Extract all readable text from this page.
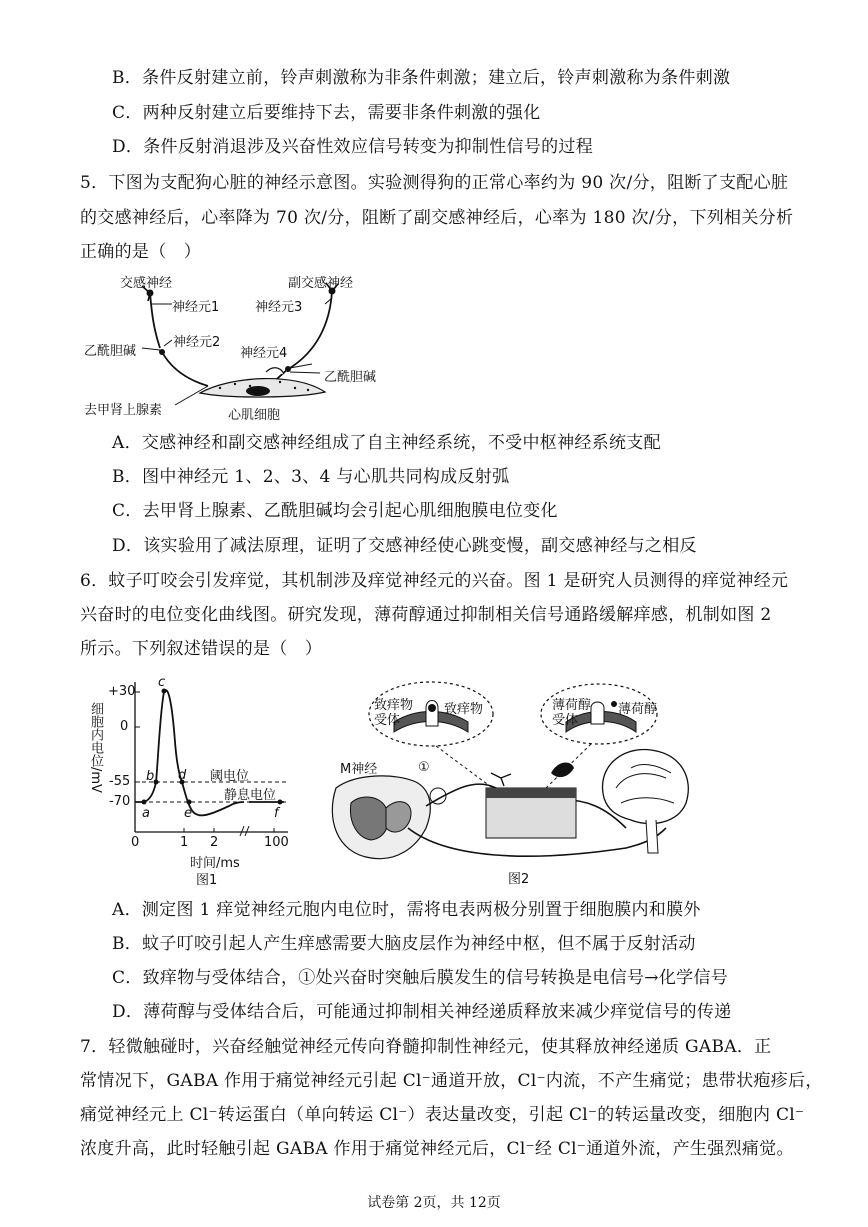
B．条件反射建立前，铃声刺激称为非条件刺激；建立后，铃声刺激称为条件刺激
C．两种反射建立后要维持下去，需要非条件刺激的强化
D．条件反射消退涉及兴奋性效应信号转变为抑制性信号的过程
5．下图为支配狗心脏的神经示意图。实验测得狗的正常心率约为 90 次/分，阻断了支配心脏
的交感神经后，心率降为 70 次/分，阻断了副交感神经后，心率为 180 次/分，下列相关分析
正确的是（　）
交感神经
神经元1
神经元2
乙酰胆碱
副交感神经
神经元3
神经元4
乙酰胆碱
去甲肾上腺素	心肌细胞
A．交感神经和副交感神经组成了自主神经系统，不受中枢神经系统支配
B．图中神经元 1、2、3、4 与心肌共同构成反射弧
C．去甲肾上腺素、乙酰胆碱均会引起心肌细胞膜电位变化
D．该实验用了减法原理，证明了交感神经使心跳变慢，副交感神经与之相反
6．蚊子叮咬会引发痒觉，其机制涉及痒觉神经元的兴奋。图 1 是研究人员测得的痒觉神经元
兴奋时的电位变化曲线图。研究发现，薄荷醇通过抑制相关信号通路缓解痒感，机制如图 2
所示。下列叙述错误的是（　）
细胞内电位/mV
+30
0
-55
-70
0	1 2	100
时间/ms
图1
阈电位
静息电位
a
b
c
d
e	f
致痒物受体
致痒物	薄荷醇受体
薄荷醇
M神经	①
图2
A．测定图 1 痒觉神经元胞内电位时，需将电表两极分别置于细胞膜内和膜外
B．蚊子叮咬引起人产生痒感需要大脑皮层作为神经中枢，但不属于反射活动
C．致痒物与受体结合，①处兴奋时突触后膜发生的信号转换是电信号→化学信号
D．薄荷醇与受体结合后，可能通过抑制相关神经递质释放来减少痒觉信号的传递
7．轻微触碰时，兴奋经触觉神经元传向脊髓抑制性神经元，使其释放神经递质 GABA．正
常情况下，GABA 作用于痛觉神经元引起 Cl⁻通道开放，Cl⁻内流，不产生痛觉；患带状疱疹后，
痛觉神经元上 Cl⁻转运蛋白（单向转运 Cl⁻）表达量改变，引起 Cl⁻的转运量改变，细胞内 Cl⁻
浓度升高，此时轻触引起 GABA 作用于痛觉神经元后，Cl⁻经 Cl⁻通道外流，产生强烈痛觉。
试卷第 2页，共 12页
